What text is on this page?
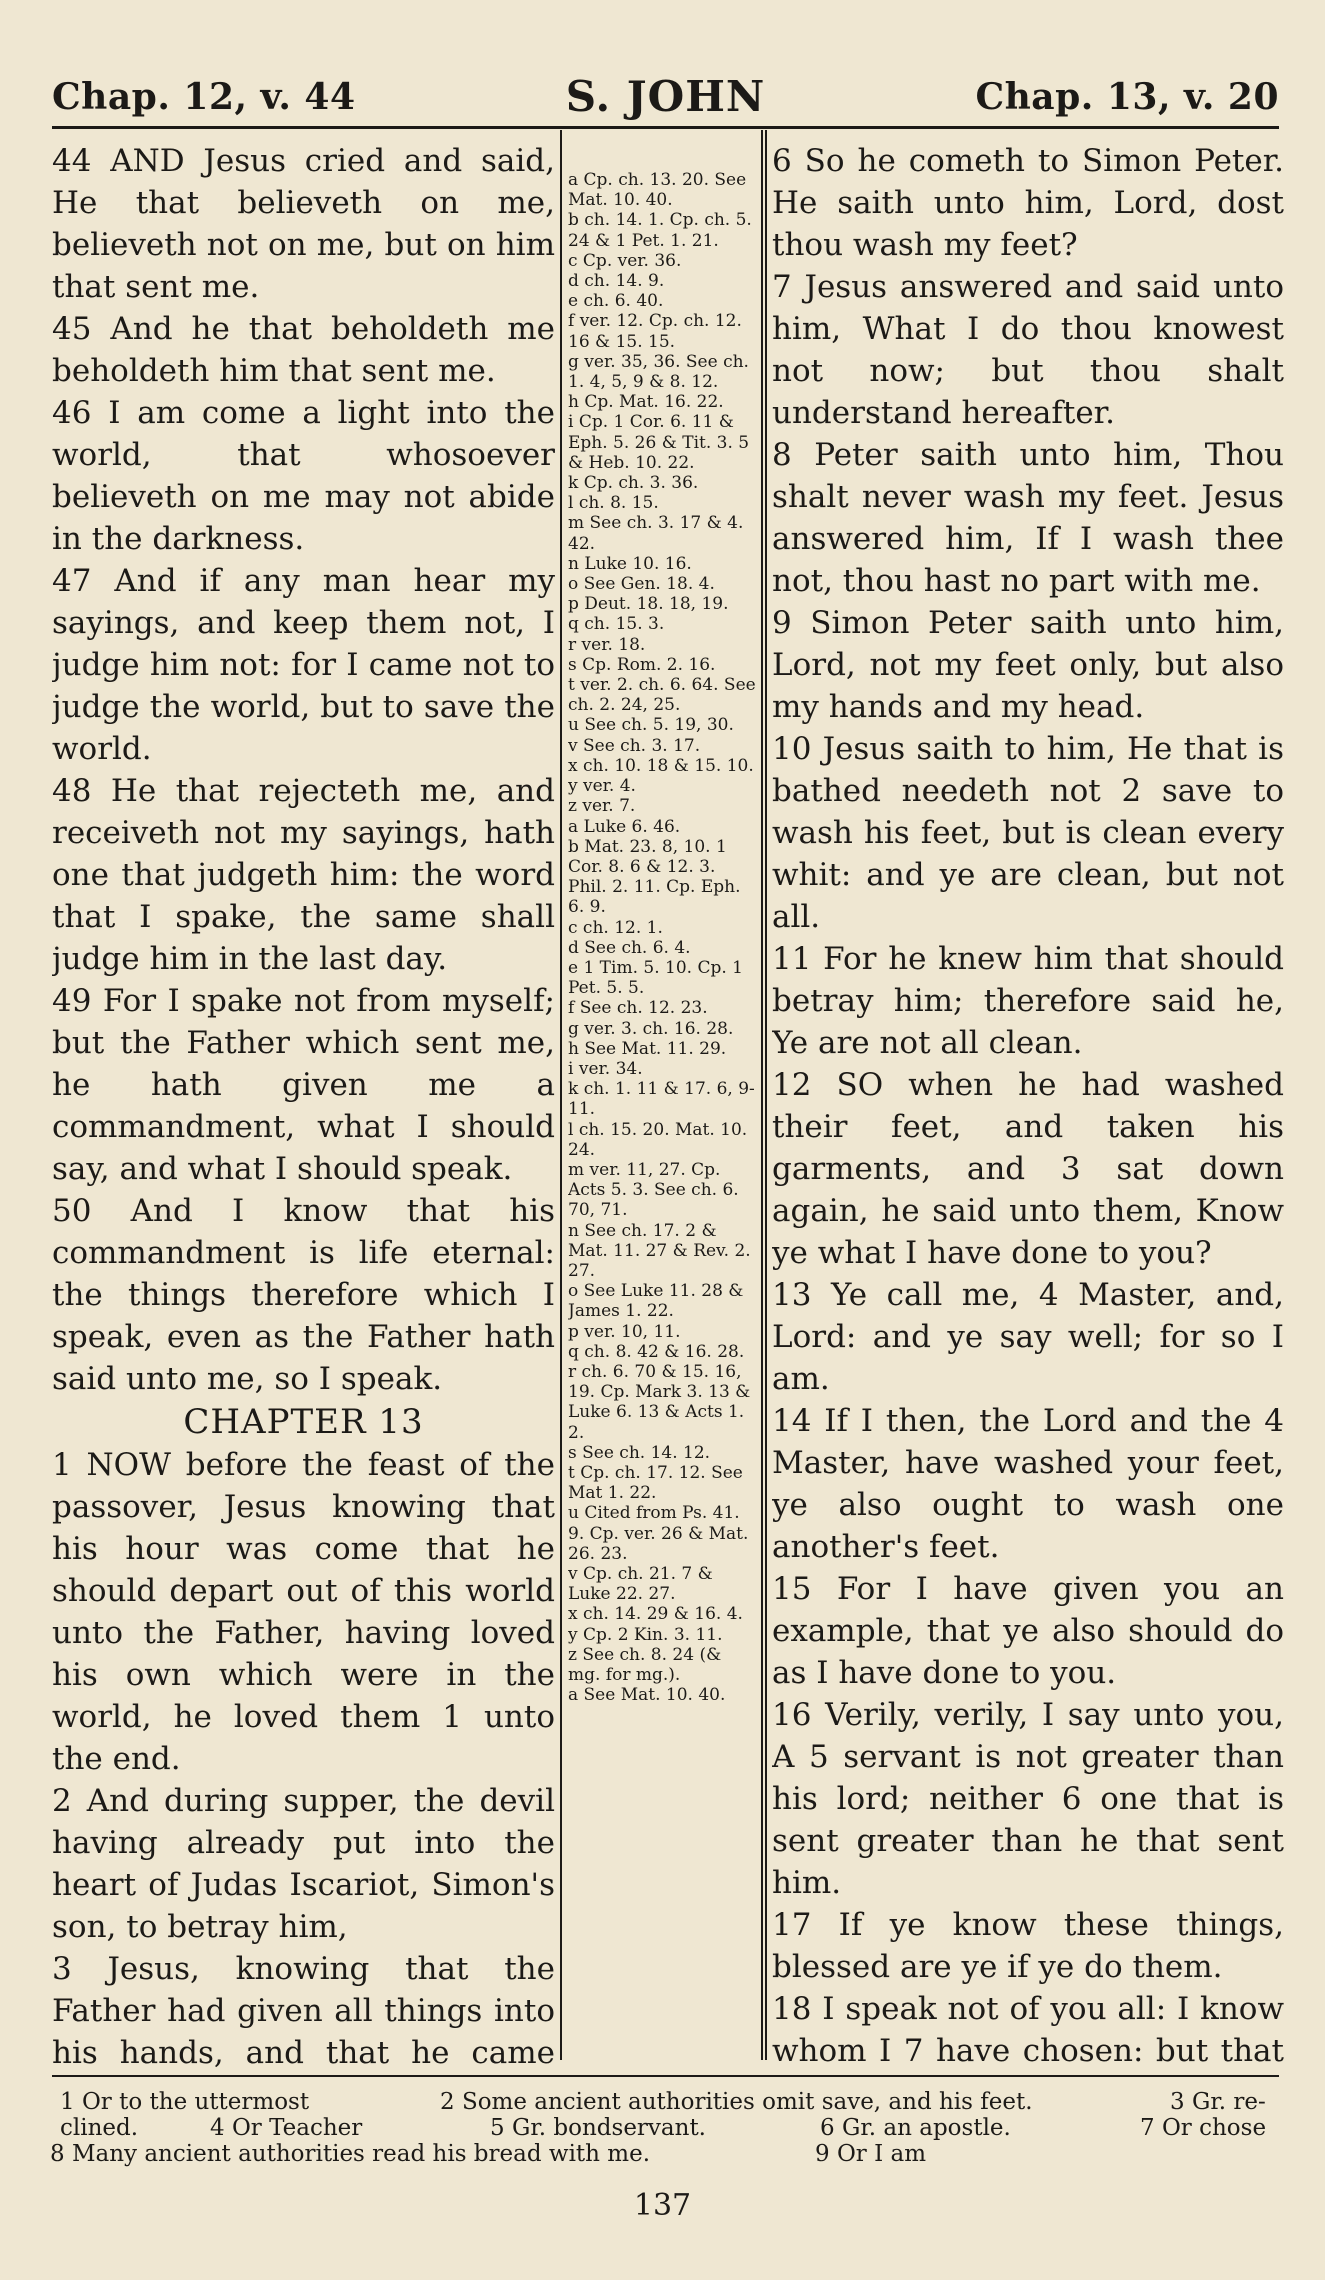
Chap. 12, v. 44	S. JOHN	Chap. 13, v. 20

44 AND Jesus cried and said, He that believeth on me, believeth not on me, but on him that sent me.

45 And he that beholdeth me beholdeth him that sent me.

46 I am come a light into the world, that whosoever believeth on me may not abide in the darkness.

47 And if any man hear my sayings, and keep them not, I judge him not: for I came not to judge the world, but to save the world.

48 He that rejecteth me, and receiveth not my sayings, hath one that judgeth him: the word that I spake, the same shall judge him in the last day.

49 For I spake not from myself; but the Father which sent me, he hath given me a commandment, what I should say, and what I should speak.

50 And I know that his commandment is life eternal: the things therefore which I speak, even as the Father hath said unto me, so I speak.

CHAPTER 13

1 NOW before the feast of the passover, Jesus knowing that his hour was come that he should depart out of this world unto the Father, having loved his own which were in the world, he loved them 1 unto the end.

2 And during supper, the devil having already put into the heart of Judas Iscariot, Simon's son, to betray him,

3 Jesus, knowing that the Father had given all things into his hands, and that he came

a Cp. ch. 13. 20. See Mat. 10. 40.
b ch. 14. 1. Cp. ch. 5. 24 & 1 Pet. 1. 21.
c Cp. ver. 36.
d ch. 14. 9.
e ch. 6. 40.
f ver. 12. Cp. ch. 12. 16 & 15. 15.
g ver. 35, 36. See ch. 1. 4, 5, 9 & 8. 12.
h Cp. Mat. 16. 22.
i Cp. 1 Cor. 6. 11 & Eph. 5. 26 & Tit. 3. 5 & Heb. 10. 22.
k Cp. ch. 3. 36.
l ch. 8. 15.
m See ch. 3. 17 & 4. 42.
n Luke 10. 16.
o See Gen. 18. 4.
p Deut. 18. 18, 19.
q ch. 15. 3.
r ver. 18.
s Cp. Rom. 2. 16.
t ver. 2. ch. 6. 64. See ch. 2. 24, 25.
u See ch. 5. 19, 30.
v See ch. 3. 17.
x ch. 10. 18 & 15. 10.
y ver. 4.
z ver. 7.
a Luke 6. 46.
b Mat. 23. 8, 10. 1 Cor. 8. 6 & 12. 3. Phil. 2. 11. Cp. Eph. 6. 9.
c ch. 12. 1.
d See ch. 6. 4.
e 1 Tim. 5. 10. Cp. 1 Pet. 5. 5.
f See ch. 12. 23.
g ver. 3. ch. 16. 28.
h See Mat. 11. 29.
i ver. 34.
k ch. 1. 11 & 17. 6, 9-11.
l ch. 15. 20. Mat. 10. 24.
m ver. 11, 27. Cp. Acts 5. 3. See ch. 6. 70, 71.
n See ch. 17. 2 & Mat. 11. 27 & Rev. 2. 27.
o See Luke 11. 28 & James 1. 22.
p ver. 10, 11.
q ch. 8. 42 & 16. 28.
r ch. 6. 70 & 15. 16, 19. Cp. Mark 3. 13 & Luke 6. 13 & Acts 1. 2.
s See ch. 14. 12.
t Cp. ch. 17. 12. See Mat 1. 22.
u Cited from Ps. 41. 9. Cp. ver. 26 & Mat. 26. 23.
v Cp. ch. 21. 7 & Luke 22. 27.
x ch. 14. 29 & 16. 4.
y Cp. 2 Kin. 3. 11.
z See ch. 8. 24 (& mg. for mg.).
a See Mat. 10. 40.

6 So he cometh to Simon Peter. He saith unto him, Lord, dost thou wash my feet?

7 Jesus answered and said unto him, What I do thou knowest not now; but thou shalt understand hereafter.

8 Peter saith unto him, Thou shalt never wash my feet. Jesus answered him, If I wash thee not, thou hast no part with me.

9 Simon Peter saith unto him, Lord, not my feet only, but also my hands and my head.

10 Jesus saith to him, He that is bathed needeth not 2 save to wash his feet, but is clean every whit: and ye are clean, but not all.

11 For he knew him that should betray him; therefore said he, Ye are not all clean.

12 SO when he had washed their feet, and taken his garments, and 3 sat down again, he said unto them, Know ye what I have done to you?

13 Ye call me, 4 Master, and, Lord: and ye say well; for so I am.

14 If I then, the Lord and the 4 Master, have washed your feet, ye also ought to wash one another's feet.

15 For I have given you an example, that ye also should do as I have done to you.

16 Verily, verily, I say unto you, A 5 servant is not greater than his lord; neither 6 one that is sent greater than he that sent him.

17 If ye know these things, blessed are ye if ye do them.

18 I speak not of you all: I know whom I 7 have chosen: but that

1 Or to the uttermost	2 Some ancient authorities omit save, and his feet.	3 Gr. re-
clined.	4 Or Teacher	5 Gr. bondservant.	6 Gr. an apostle.	7 Or chose
8 Many ancient authorities read his bread with me.	9 Or I am
137
